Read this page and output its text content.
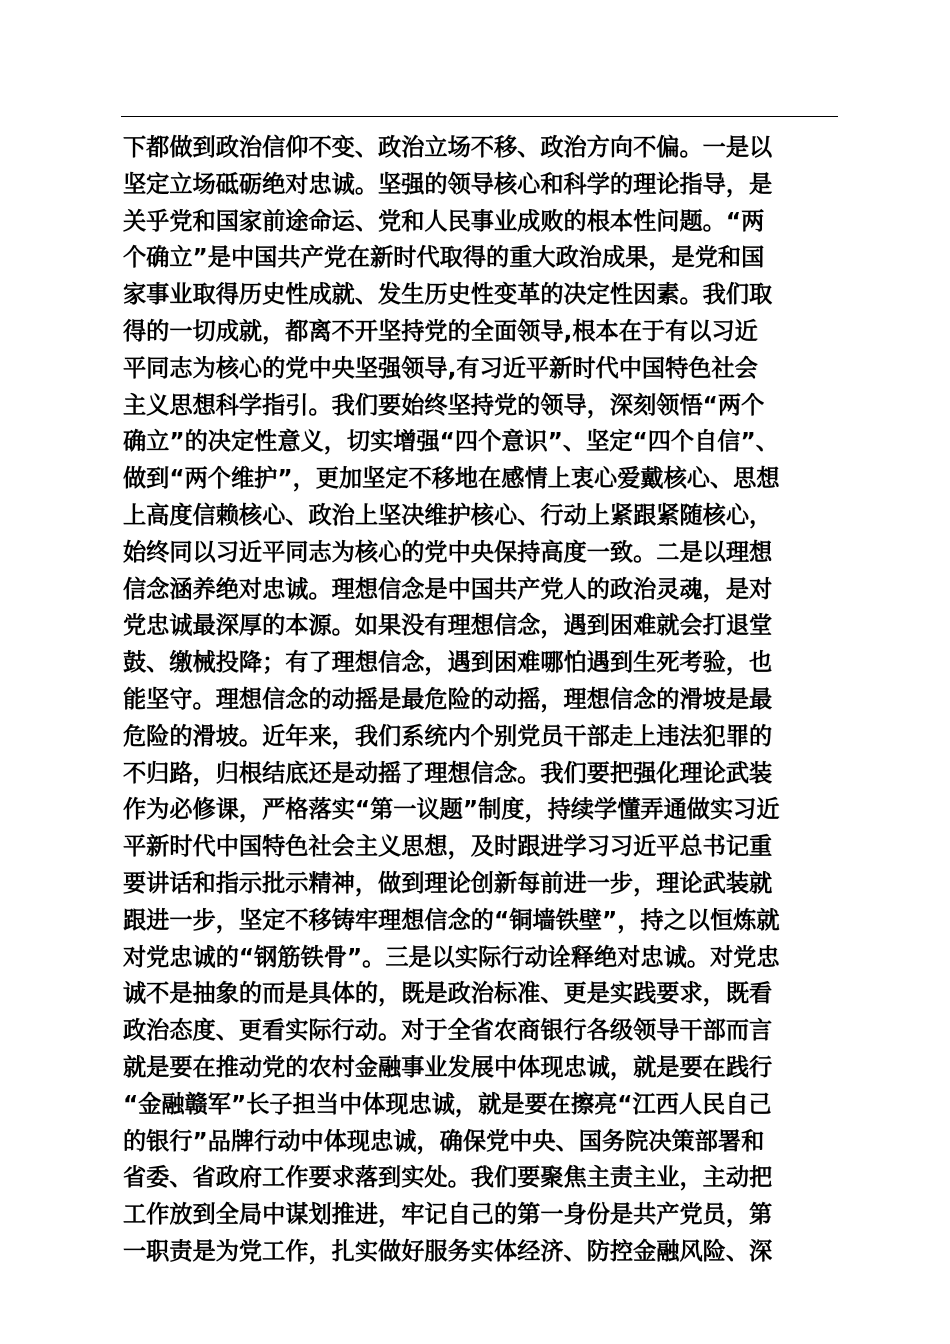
下都做到政治信仰不变、政治立场不移、政治方向不偏。一是以
坚定立场砥砺绝对忠诚。坚强的领导核心和科学的理论指导，是
关乎党和国家前途命运、党和人民事业成败的根本性问题。“两
个确立”是中国共产党在新时代取得的重大政治成果，是党和国
家事业取得历史性成就、发生历史性变革的决定性因素。我们取
得的一切成就，都离不开坚持党的全面领导,根本在于有以习近
平同志为核心的党中央坚强领导,有习近平新时代中国特色社会
主义思想科学指引。我们要始终坚持党的领导，深刻领悟“两个
确立”的决定性意义，切实增强“四个意识”、坚定“四个自信”、
做到“两个维护”，更加坚定不移地在感情上衷心爱戴核心、思想
上高度信赖核心、政治上坚决维护核心、行动上紧跟紧随核心，
始终同以习近平同志为核心的党中央保持高度一致。二是以理想
信念涵养绝对忠诚。理想信念是中国共产党人的政治灵魂，是对
党忠诚最深厚的本源。如果没有理想信念，遇到困难就会打退堂
鼓、缴械投降；有了理想信念，遇到困难哪怕遇到生死考验，也
能坚守。理想信念的动摇是最危险的动摇，理想信念的滑坡是最
危险的滑坡。近年来，我们系统内个别党员干部走上违法犯罪的
不归路，归根结底还是动摇了理想信念。我们要把强化理论武装
作为必修课，严格落实“第一议题”制度，持续学懂弄通做实习近
平新时代中国特色社会主义思想，及时跟进学习习近平总书记重
要讲话和指示批示精神，做到理论创新每前进一步，理论武装就
跟进一步，坚定不移铸牢理想信念的“铜墙铁壁”，持之以恒炼就
对党忠诚的“钢筋铁骨”。三是以实际行动诠释绝对忠诚。对党忠
诚不是抽象的而是具体的，既是政治标准、更是实践要求，既看
政治态度、更看实际行动。对于全省农商银行各级领导干部而言
就是要在推动党的农村金融事业发展中体现忠诚，就是要在践行
“金融赣军”长子担当中体现忠诚，就是要在擦亮“江西人民自己
的银行”品牌行动中体现忠诚，确保党中央、国务院决策部署和
省委、省政府工作要求落到实处。我们要聚焦主责主业，主动把
工作放到全局中谋划推进，牢记自己的第一身份是共产党员，第
一职责是为党工作，扎实做好服务实体经济、防控金融风险、深
